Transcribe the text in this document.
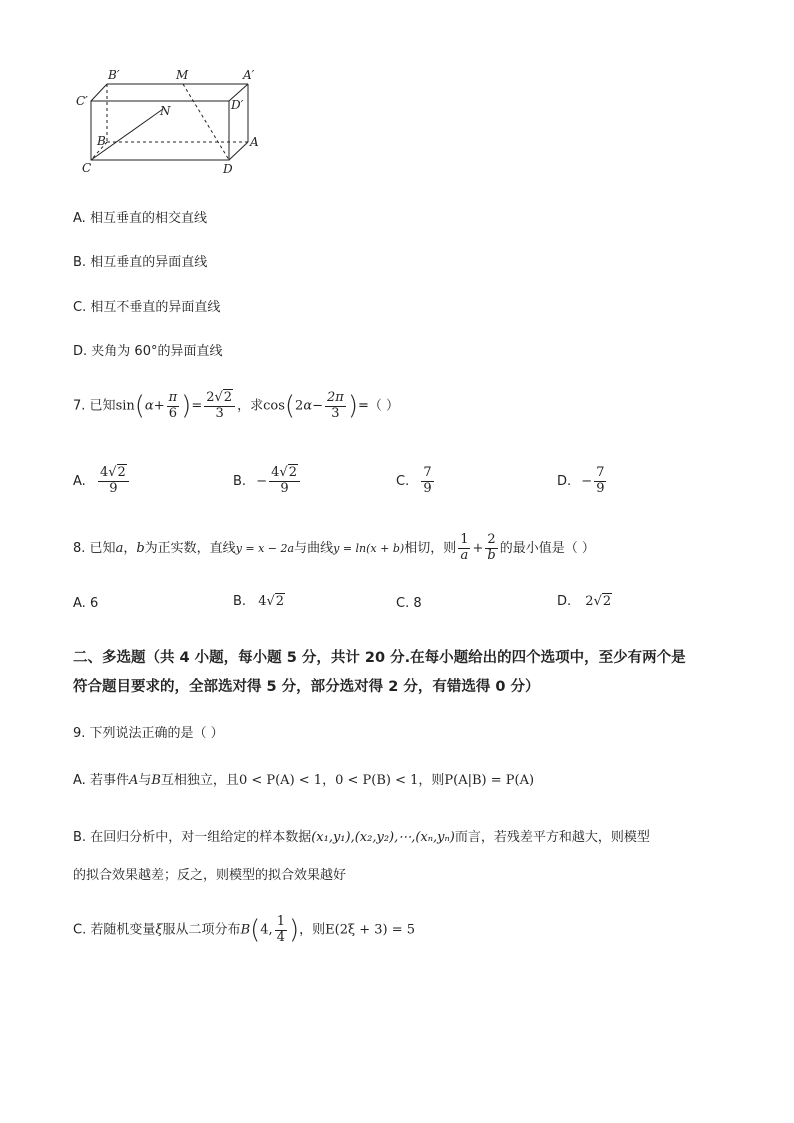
B′	M	A′
C′	D′
N
B	A
C	D
A. 相互垂直的相交直线
B. 相互垂直的异面直线
C. 相互不垂直的异面直线
D. 夹角为 60°的异面直线
7. 已知$\sin(\alpha+ \frac{\pi}{6}$ )= $\frac{2√2}{3}$ ，求$\cos(2\alpha- \frac{2\pi}{3}$ )=（ ）
A. $\frac{4√2}{9}$	B. − $\frac{4√2}{9}$	C. $\frac{7}{9}$	D. − $\frac{7}{9}$
8. 已知a，b为正实数，直线y = x − 2a与曲线y = ln(x + b)相切，则 $\frac{1}{a} + \frac{2}{b}$ 的最小值是（ ）
A. 6	B. 4√2	C. 8	D. 2√2
二、多选题（共 4 小题，每小题 5 分，共计 20 分.在每小题给出的四个选项中，至少有两个是
符合题目要求的，全部选对得 5 分，部分选对得 2 分，有错选得 0 分）
9. 下列说法正确的是（ ）
A. 若事件A与B互相独立，且0 < P(A) < 1，0 < P(B) < 1，则P(A|B) = P(A)
B. 在回归分析中，对一组给定的样本数据(x₁,y₁),(x₂,y₂),⋯,(xₙ,yₙ)而言，若残差平方和越大，则模型
的拟合效果越差；反之，则模型的拟合效果越好
C. 若随机变量ξ服从二项分布B(4, $\frac{1}{4}$ )，则E(2ξ + 3) = 5
